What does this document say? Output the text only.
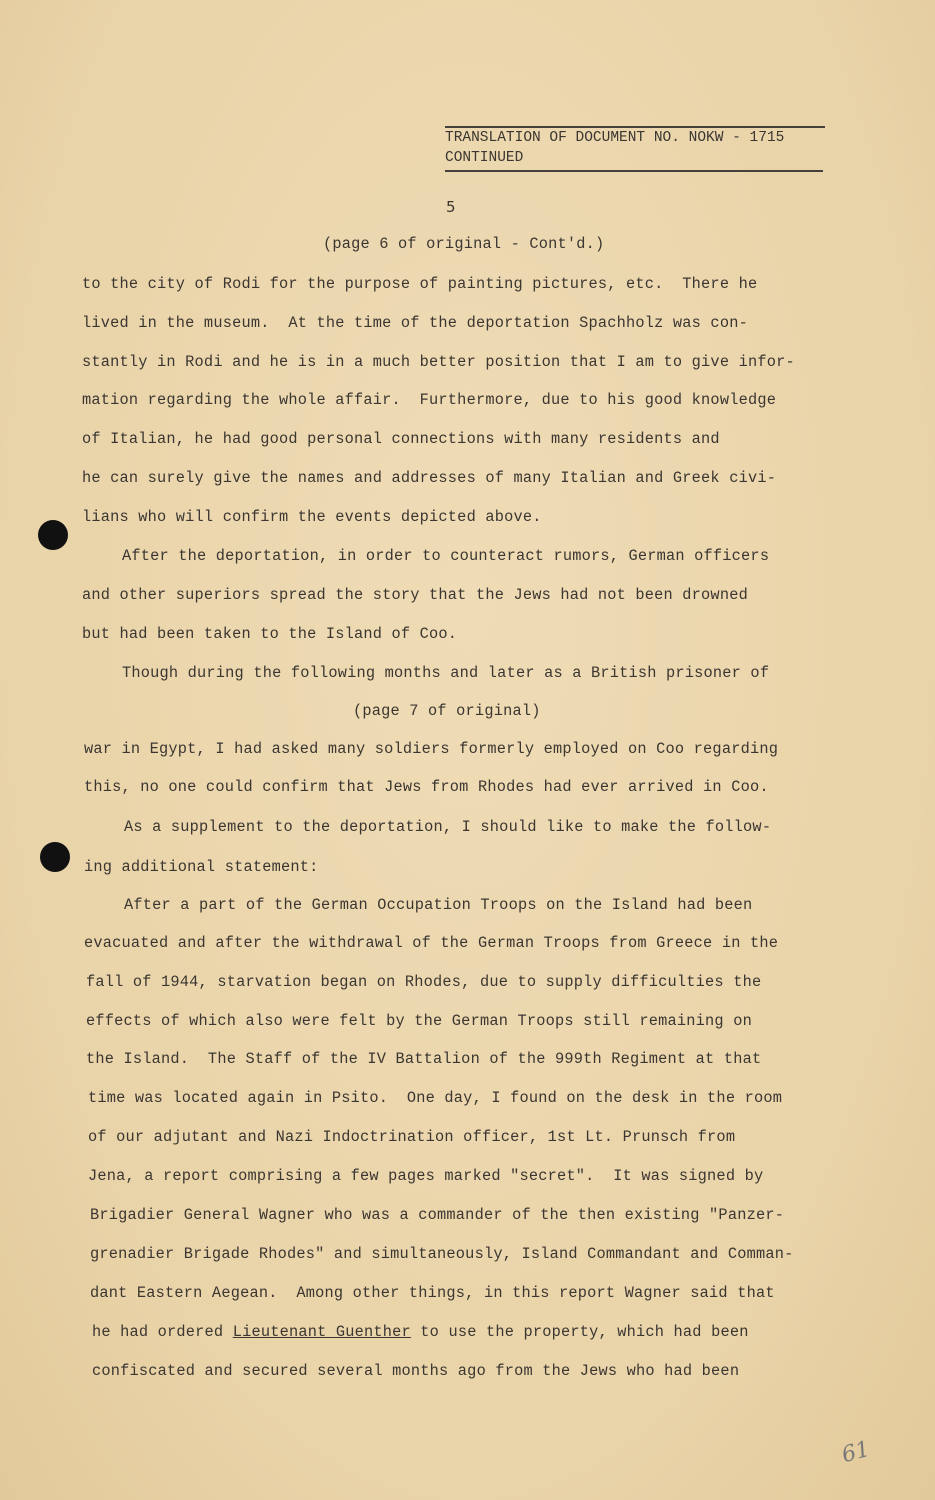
TRANSLATION OF DOCUMENT NO. NOKW - 1715
CONTINUED
5
(page 6 of original - Cont'd.)
to the city of Rodi for the purpose of painting pictures, etc.  There he
lived in the museum.  At the time of the deportation Spachholz was con-
stantly in Rodi and he is in a much better position that I am to give infor-
mation regarding the whole affair.  Furthermore, due to his good knowledge
of Italian, he had good personal connections with many residents and
he can surely give the names and addresses of many Italian and Greek civi-
lians who will confirm the events depicted above.
After the deportation, in order to counteract rumors, German officers
and other superiors spread the story that the Jews had not been drowned
but had been taken to the Island of Coo.
Though during the following months and later as a British prisoner of
(page 7 of original)
war in Egypt, I had asked many soldiers formerly employed on Coo regarding
this, no one could confirm that Jews from Rhodes had ever arrived in Coo.
As a supplement to the deportation, I should like to make the follow-
ing additional statement:
After a part of the German Occupation Troops on the Island had been
evacuated and after the withdrawal of the German Troops from Greece in the
fall of 1944, starvation began on Rhodes, due to supply difficulties the
effects of which also were felt by the German Troops still remaining on
the Island.  The Staff of the IV Battalion of the 999th Regiment at that
time was located again in Psito.  One day, I found on the desk in the room
of our adjutant and Nazi Indoctrination officer, 1st Lt. Prunsch from
Jena, a report comprising a few pages marked "secret".  It was signed by
Brigadier General Wagner who was a commander of the then existing "Panzer-
grenadier Brigade Rhodes" and simultaneously, Island Commandant and Comman-
dant Eastern Aegean.  Among other things, in this report Wagner said that
he had ordered Lieutenant Guenther to use the property, which had been
confiscated and secured several months ago from the Jews who had been
61
